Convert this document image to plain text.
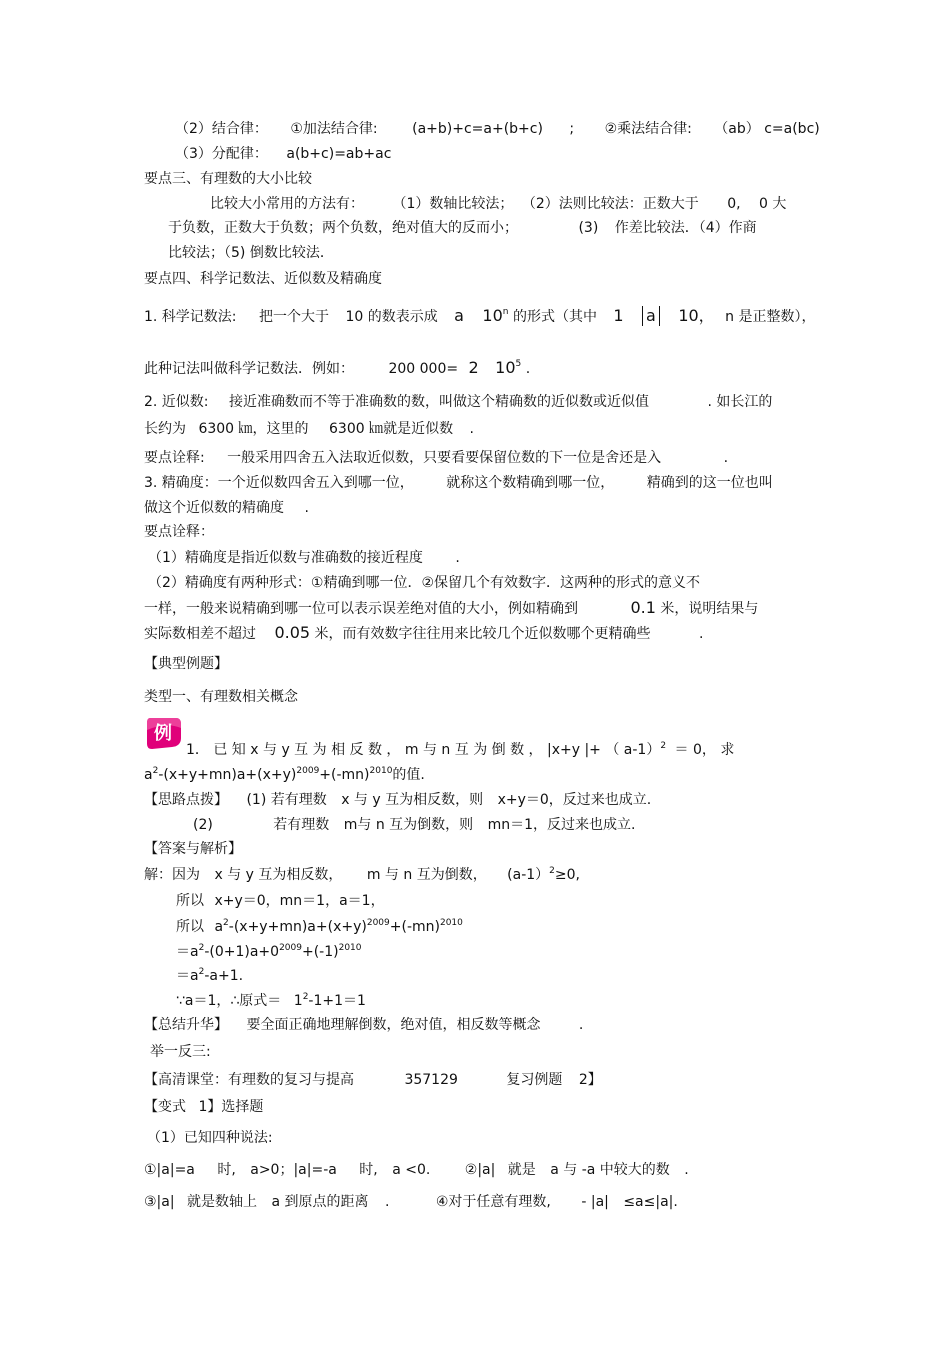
（2）结合律： ①加法结合律: (a+b)+c=a+(b+c) ; ②乘法结合律: （ab） c=a(bc)
（3）分配律： a(b+c)=ab+ac
要点三、有理数的大小比较
比较大小常用的方法有： （1）数轴比较法； （2）法则比较法：正数大于 0, 0 大
于负数，正数大于负数；两个负数，绝对值大的反而小；	(3) 作差比较法．（4）作商
比较法；（5) 倒数比较法．
要点四、科学记数法、近似数及精确度
1. 科学记数法: 把一个大于 10 的数表示成 a 10$^n$ 的形式（其中 1 a 10， n 是正整数），
此种记法叫做科学记数法．例如： 200 000= 2 $10^5$ .
2. 近似数: 接近准确数而不等于准确数的数，叫做这个精确数的近似数或近似值	. 如长江的
长约为 6300 ㎞，这里的 6300 ㎞就是近似数 .
要点诠释: 一般采用四舍五入法取近似数，只要看要保留位数的下一位是舍还是入	.
3. 精确度：一个近似数四舍五入到哪一位， 就称这个数精确到哪一位， 精确到的这一位也叫
做这个近似数的精确度 .
要点诠释：
（1）精确度是指近似数与准确数的接近程度 .
（2）精确度有两种形式：①精确到哪一位．②保留几个有效数字．这两种的形式的意义不
一样，一般来说精确到哪一位可以表示误差绝对值的大小，例如精确到	0.1 米，说明结果与
实际数相差不超过 0.05 米，而有效数字往往用来比较几个近似数哪个更精确些	.
【典型例题】
类型一、有理数相关概念
例
1． 已 知 x 与 y 互 为 相 反 数 ， m 与 n 互 为 倒 数 ， |x+y |+ （ a-1）$^2$ ＝ 0， 求
$a^2-(x+y+mn)a+(x+y)^{2009}+(-mn)^{2010}$的值.
【思路点拨】 (1) 若有理数 x 与 y 互为相反数，则 x+y＝0，反过来也成立.
(2)	若有理数 m与 n 互为倒数，则 mn＝1，反过来也成立.
【答案与解析】
解：因为 x 与 y 互为相反数， m 与 n 互为倒数， (a-1）$^2$≥0,
所以 x+y＝0，mn＝1，a＝1，
所以 $a^2-(x+y+mn)a+(x+y)^{2009}+(-mn)^{2010}$
$=a^2-(0+1)a+0^{2009}+(-1)^{2010}$
$=a^2-a+1$.
∵a＝1，∴原式＝ $1^2-1+1=1$
【总结升华】 要全面正确地理解倒数，绝对值，相反数等概念	.
举一反三:
【高清课堂：有理数的复习与提高	357129	复习例题 2】
【变式 1】选择题
（1）已知四种说法:
①|a|=a 时, a>0；|a|=-a 时, a <0. ②|a| 就是 a 与 -a 中较大的数 .
③|a| 就是数轴上 a 到原点的距离 .	④对于任意有理数, - |a| ≤a≤|a|.
